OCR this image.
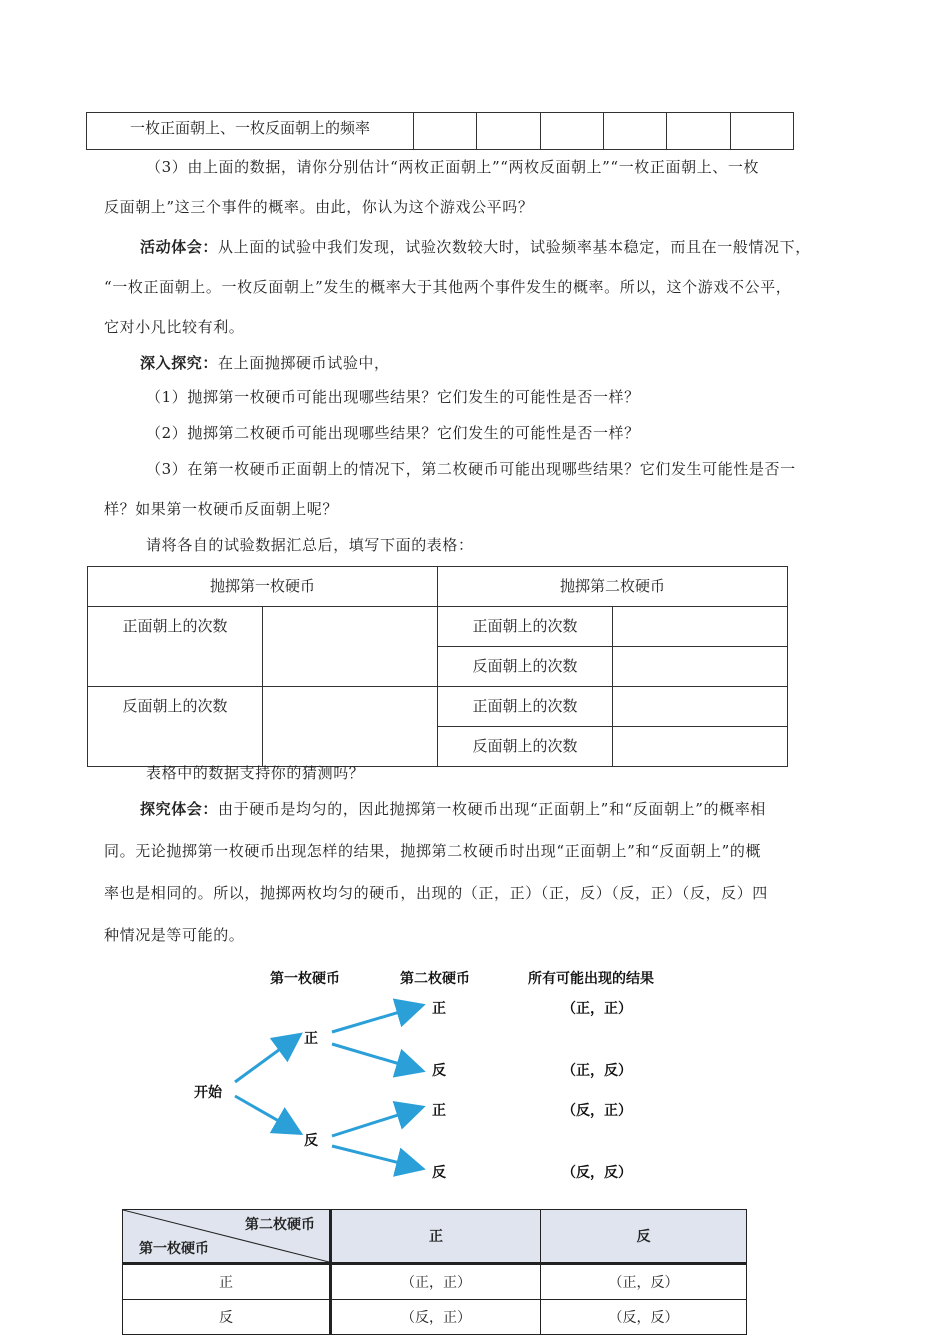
一枚正面朝上、一枚反面朝上的频率						
（3）由上面的数据，请你分别估计“两枚正面朝上”“两枚反面朝上”“一枚正面朝上、一枚
反面朝上”这三个事件的概率。由此，你认为这个游戏公平吗？
活动体会：从上面的试验中我们发现，试验次数较大时，试验频率基本稳定，而且在一般情况下，
“一枚正面朝上。一枚反面朝上”发生的概率大于其他两个事件发生的概率。所以，这个游戏不公平，
它对小凡比较有利。
深入探究：在上面抛掷硬币试验中，
（1）抛掷第一枚硬币可能出现哪些结果？它们发生的可能性是否一样？
（2）抛掷第二枚硬币可能出现哪些结果？它们发生的可能性是否一样？
（3）在第一枚硬币正面朝上的情况下，第二枚硬币可能出现哪些结果？它们发生可能性是否一
样？如果第一枚硬币反面朝上呢？
请将各自的试验数据汇总后，填写下面的表格：
抛掷第一枚硬币		抛掷第二枚硬币	
正面朝上的次数		正面朝上的次数	
		反面朝上的次数	
反面朝上的次数		正面朝上的次数	
		反面朝上的次数	
表格中的数据支持你的猜测吗？
探究体会：由于硬币是均匀的，因此抛掷第一枚硬币出现“正面朝上”和“反面朝上”的概率相
同。无论抛掷第一枚硬币出现怎样的结果，抛掷第二枚硬币时出现“正面朝上”和“反面朝上”的概
率也是相同的。所以，抛掷两枚均匀的硬币，出现的（正，正）（正，反）（反，正）（反，反）四
种情况是等可能的。
第一枚硬币	第二枚硬币	所有可能出现的结果
开始
正
反
正
反
正
反
（正，正）
（正，反）
（反，正）
（反，反）
第二枚硬币
第一枚硬币	正	反
正	（正，正）	（正，反）
反	（反，正）	（反，反）
